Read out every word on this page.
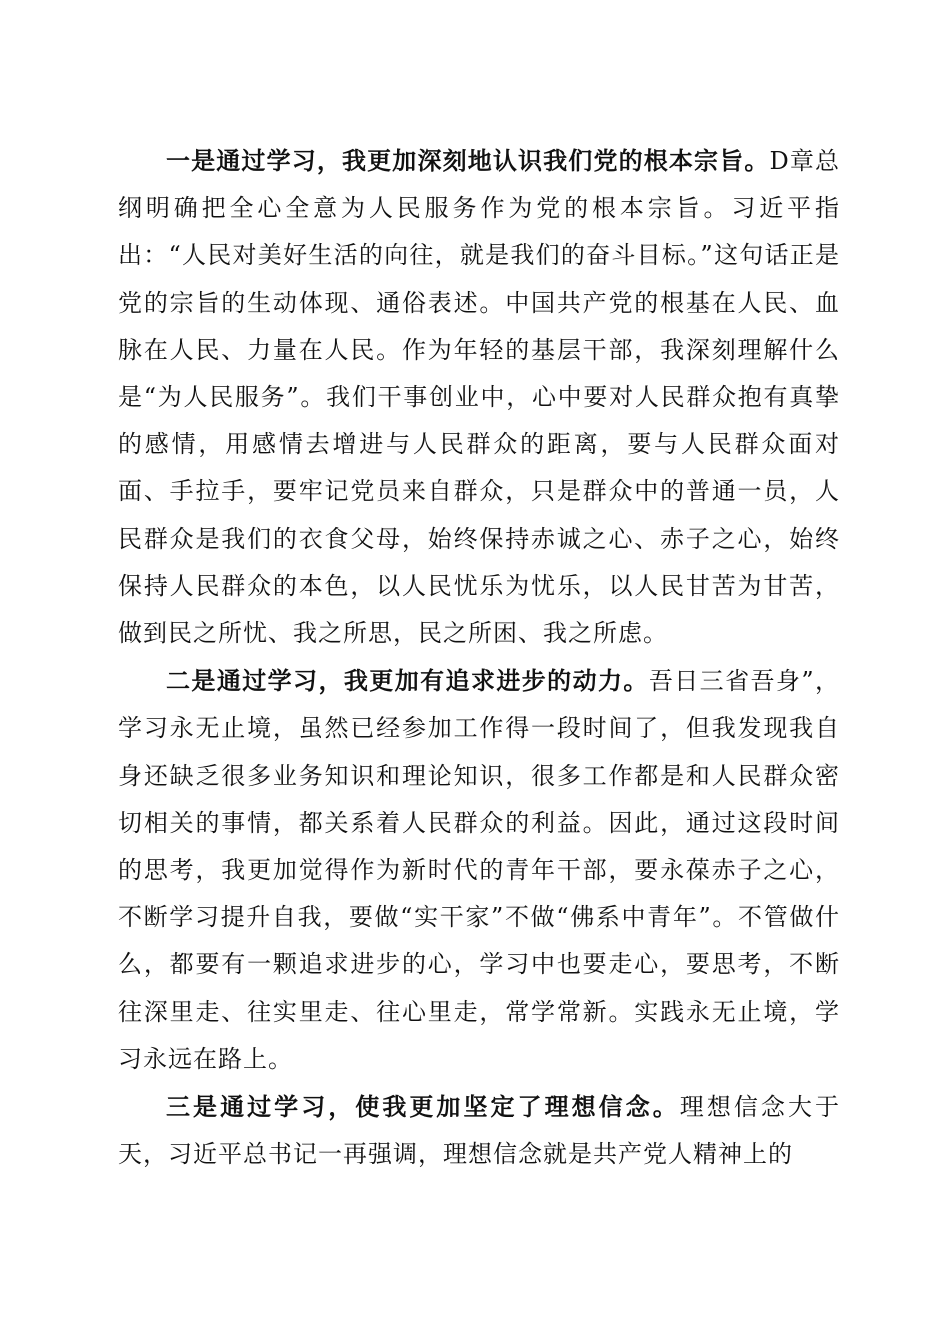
一是通过学习，我更加深刻地认识我们党的根本宗旨。D章总纲明确把全心全意为人民服务作为党的根本宗旨。习近平指出：“人民对美好生活的向往，就是我们的奋斗目标。”这句话正是党的宗旨的生动体现、通俗表述。中国共产党的根基在人民、血脉在人民、力量在人民。作为年轻的基层干部，我深刻理解什么是“为人民服务”。我们干事创业中，心中要对人民群众抱有真挚的感情，用感情去增进与人民群众的距离，要与人民群众面对面、手拉手，要牢记党员来自群众，只是群众中的普通一员，人民群众是我们的衣食父母，始终保持赤诚之心、赤子之心，始终保持人民群众的本色，以人民忧乐为忧乐，以人民甘苦为甘苦，做到民之所忧、我之所思，民之所困、我之所虑。

二是通过学习，我更加有追求进步的动力。吾日三省吾身”，学习永无止境，虽然已经参加工作得一段时间了，但我发现我自身还缺乏很多业务知识和理论知识，很多工作都是和人民群众密切相关的事情，都关系着人民群众的利益。因此，通过这段时间的思考，我更加觉得作为新时代的青年干部，要永葆赤子之心，不断学习提升自我，要做“实干家”不做“佛系中青年”。不管做什么，都要有一颗追求进步的心，学习中也要走心，要思考，不断往深里走、往实里走、往心里走，常学常新。实践永无止境，学习永远在路上。

三是通过学习，使我更加坚定了理想信念。理想信念大于天，习近平总书记一再强调，理想信念就是共产党人精神上的
